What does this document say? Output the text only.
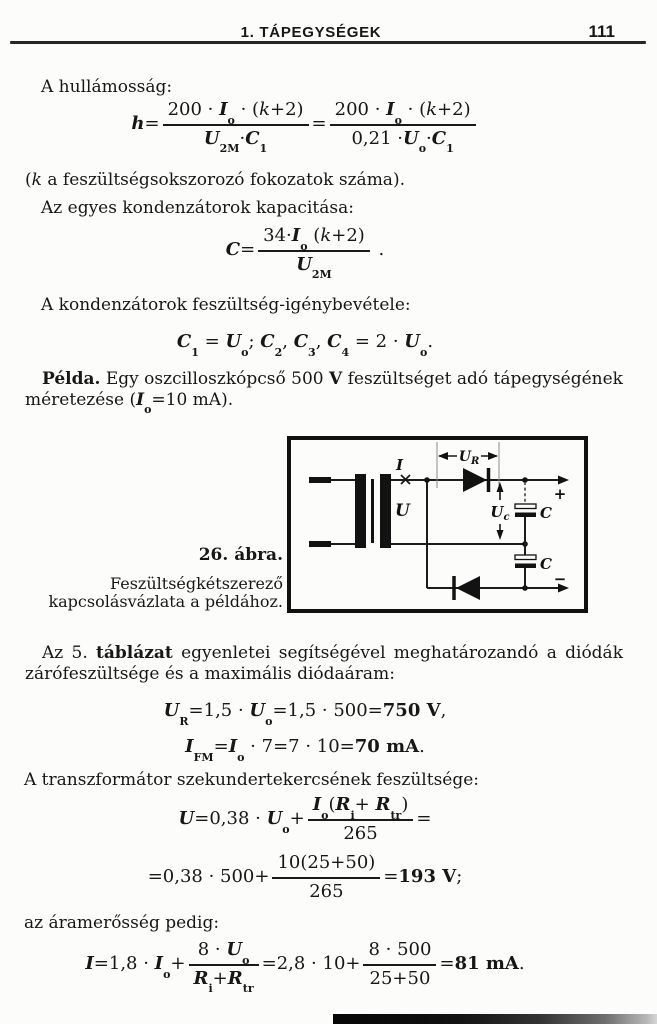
1. TÁPEGYSÉGEK	111
A hullámosság:
$h= \frac{200 \cdot I_o \cdot (k+2)}{U_{2M}\cdot C_1} = \frac{200 \cdot I_o \cdot (k+2)}{0,21 \cdot U_o\cdot C_1}$
(k a feszültségsokszorozó fokozatok száma).
Az egyes kondenzátorok kapacitása:
$C= \frac{34\cdot I_o (k+2)}{U_{2M}}$ .
A kondenzátorok feszültség-igénybevétele:
$C_1 = U_o$; $C_2$, $C_3$, $C_4 = 2 \cdot U_o$.
Példa. Egy oszcilloszkópcső 500 V feszültséget adó tápegységének méretezése ($I_o=10$ mA).
26. ábra.
Feszültségkétszerező
kapcsolásvázlata a példához.
U
I	$U_R$
$U_c$ C
C
+
−
Az 5. táblázat egyenletei segítségével meghatározandó a diódák zárófeszültsége és a maximális diódaáram:
$U_R=1,5 \cdot U_o=1,5 \cdot 500=750$ V,
$I_{FM}=I_o \cdot 7=7 \cdot 10=70$ mA.
A transzformátor szekundertekercsének feszültsége:
$U=0,38 \cdot U_o+ \frac{I_o(R_i+ R_{tr})}{265}$ =
$=0,38 \cdot 500+ \frac{10(25+50)}{265} =193$ V;
az áramerősség pedig:
$I=1,8 \cdot I_o+ \frac{8 \cdot U_o}{R_i+R_{tr}} =2,8 \cdot 10+ \frac{8 \cdot 500}{25+50} =81$ mA.
